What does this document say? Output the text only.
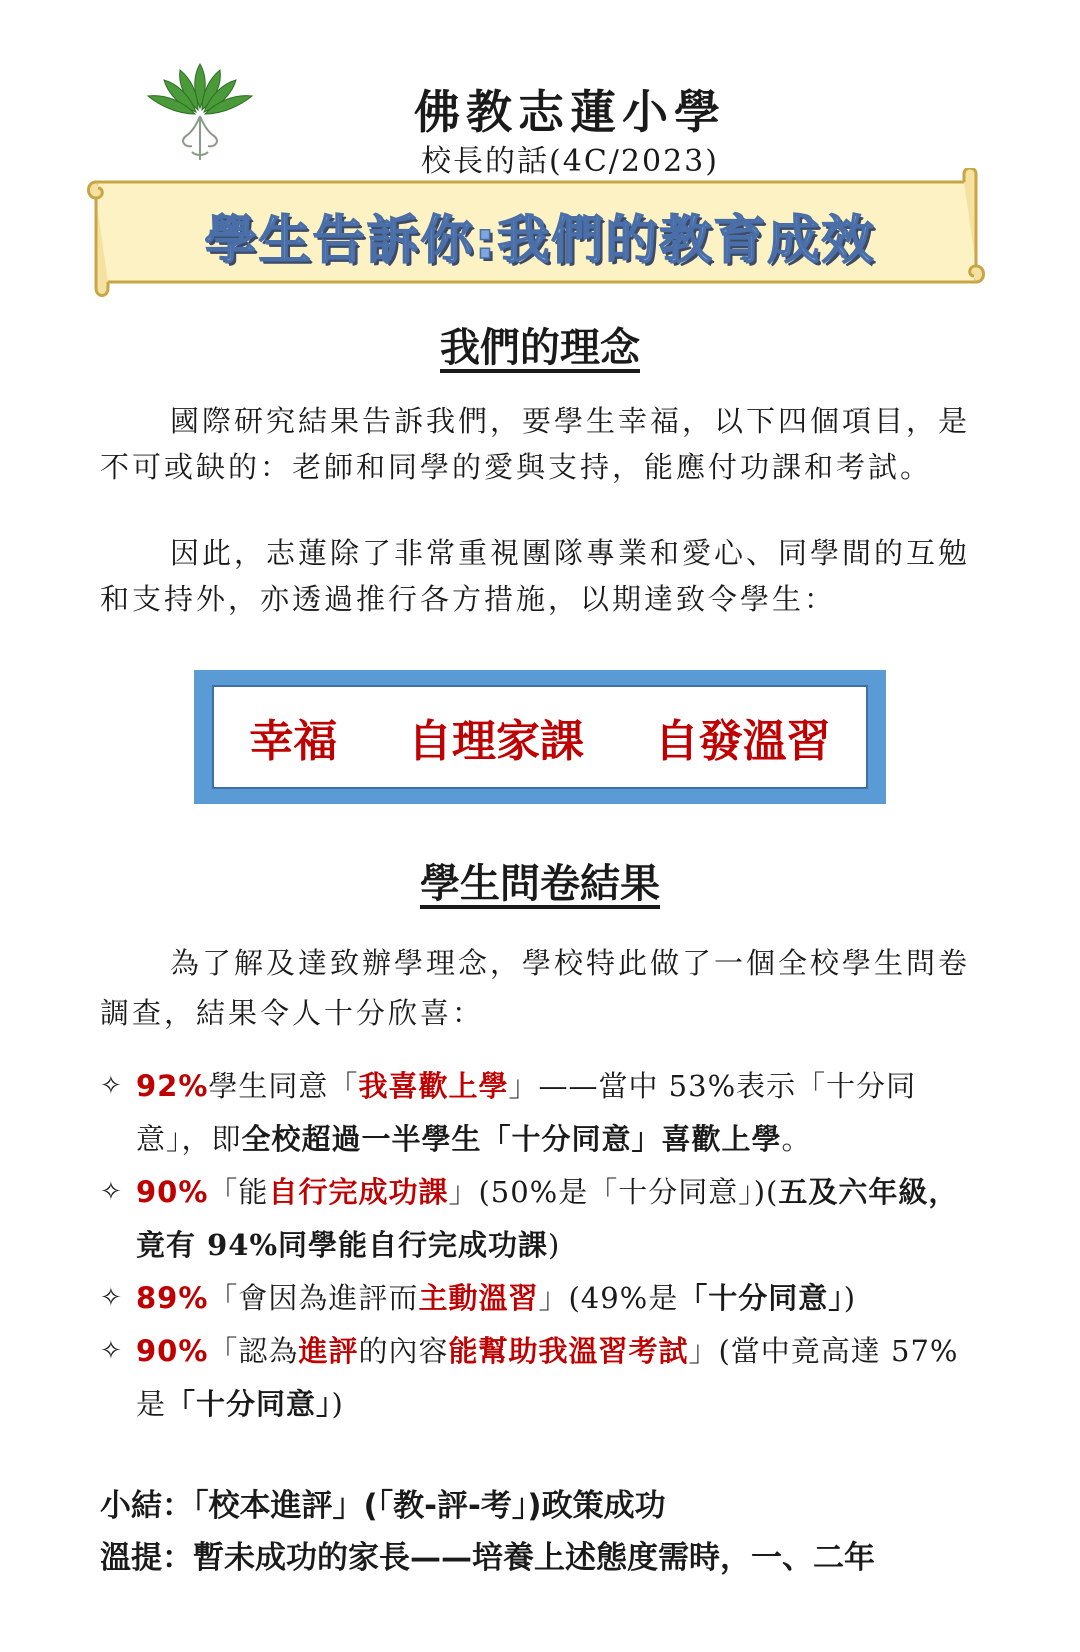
佛教志蓮小學
校長的話(4C/2023)
學生告訴你:我們的教育成效
我們的理念
國際研究結果告訴我們，要學生幸福，以下四個項目，是不可或缺的：老師和同學的愛與支持，能應付功課和考試。
因此，志蓮除了非常重視團隊專業和愛心、同學間的互勉和支持外，亦透過推行各方措施，以期達致令學生：
幸福 自理家課 自發溫習
學生問卷結果
為了解及達致辦學理念，學校特此做了一個全校學生問卷調查，結果令人十分欣喜：
✧ 92%學生同意「我喜歡上學」——當中 53%表示「十分同意」，即全校超過一半學生「十分同意」喜歡上學。
✧ 90%「能自行完成功課」(50%是「十分同意」)(五及六年級，竟有 94%同學能自行完成功課)
✧ 89%「會因為進評而主動溫習」(49%是「十分同意」)
✧ 90%「認為進評的內容能幫助我溫習考試」(當中竟高達 57%是「十分同意」)
小結：「校本進評」(「教-評-考」)政策成功
溫提：暫未成功的家長——培養上述態度需時，一、二年
